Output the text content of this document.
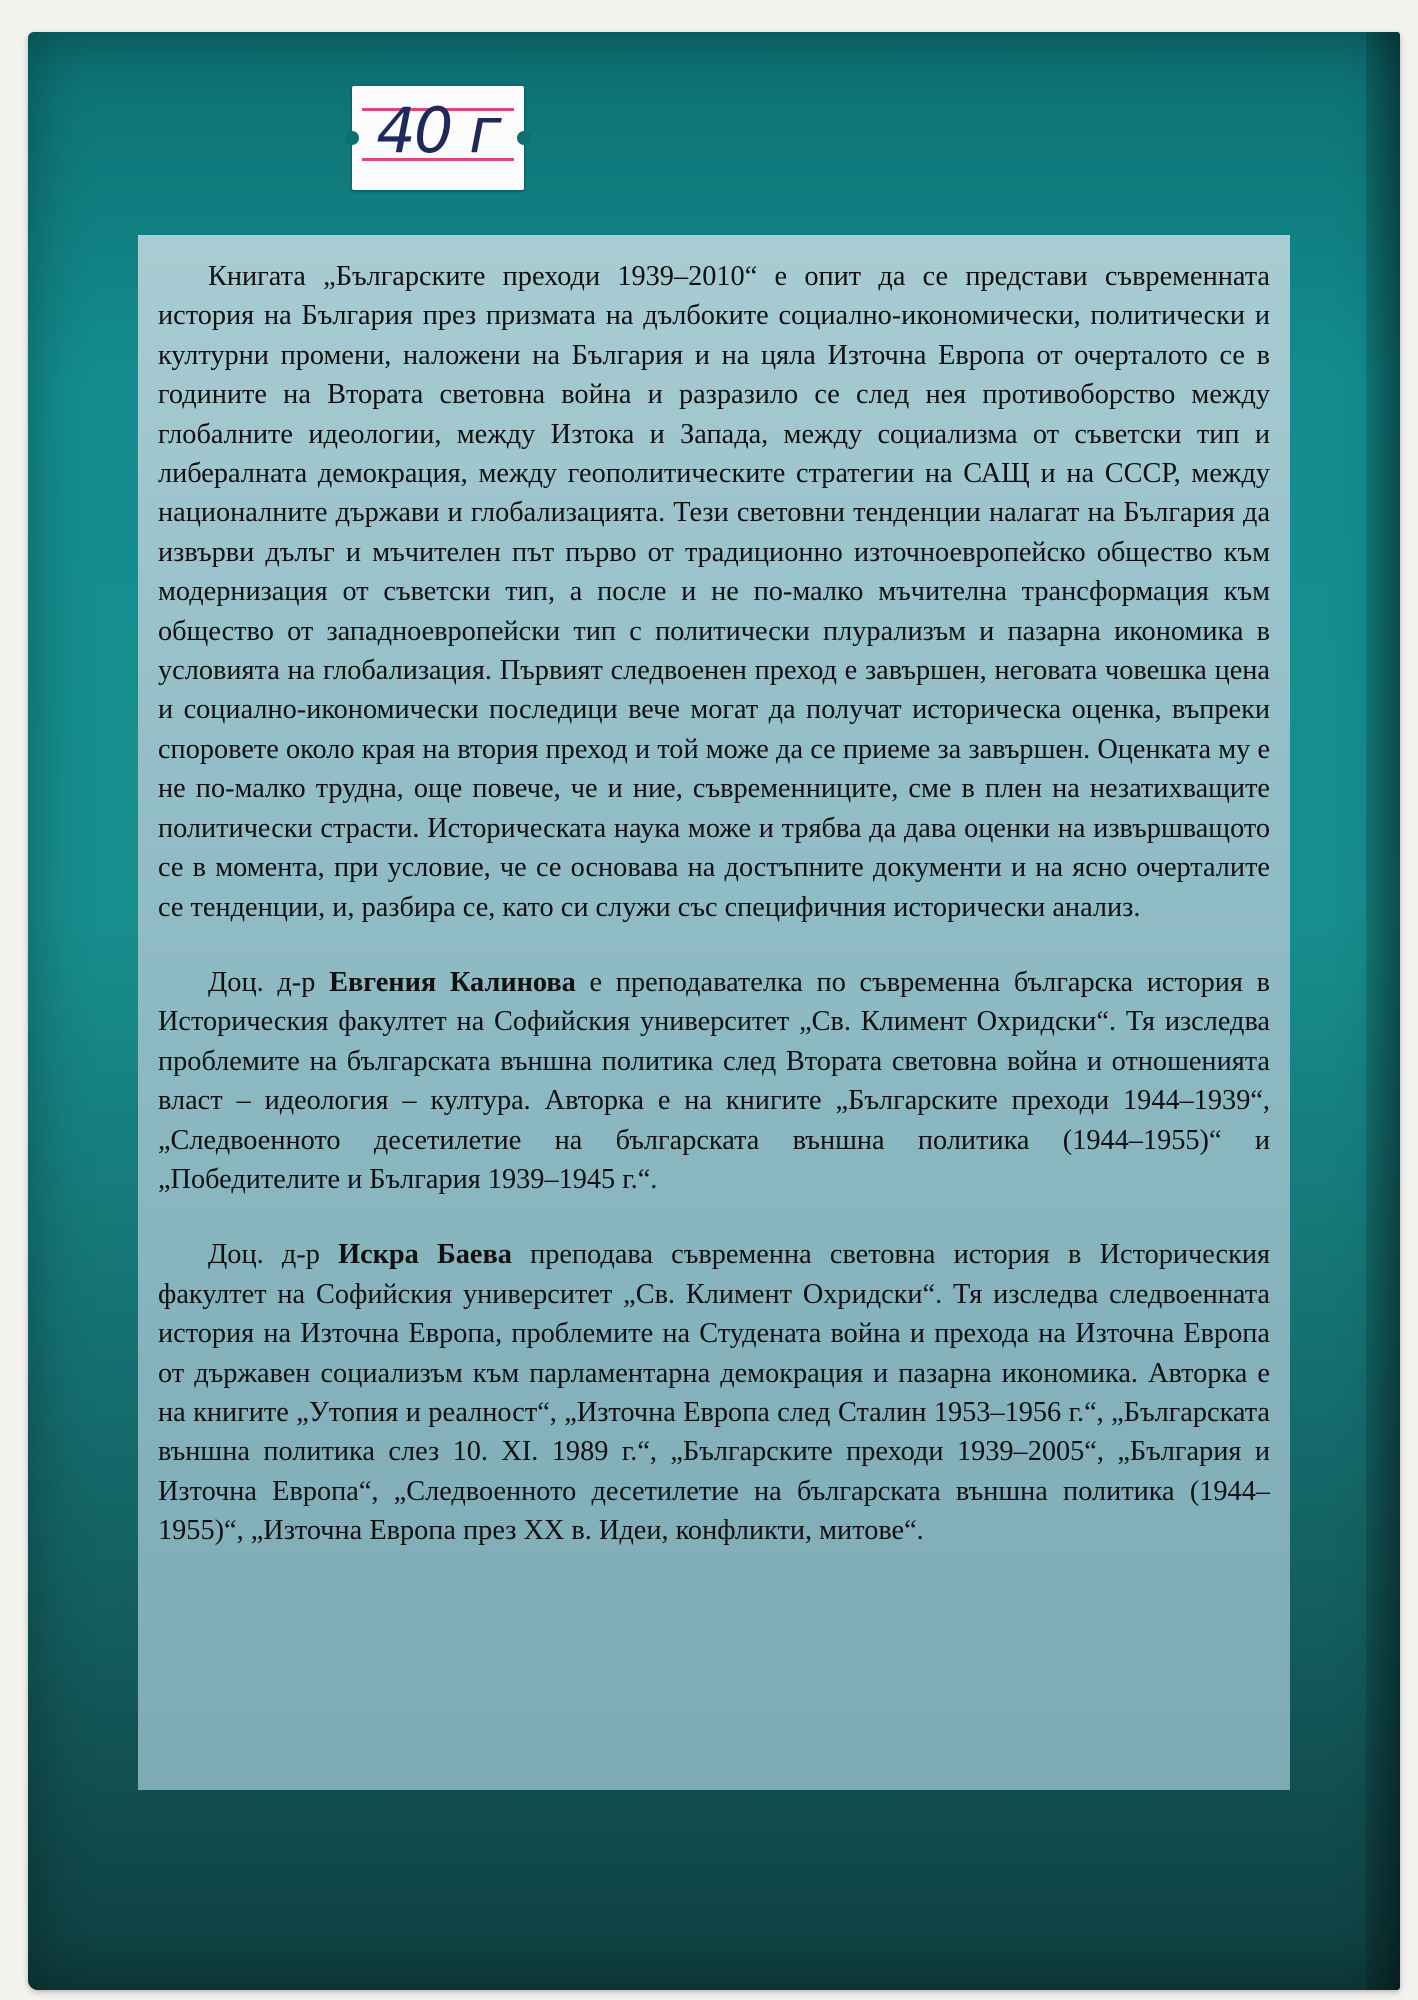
40 г

Книгата „Българските преходи 1939–2010“ е опит да се представи съвременната история на България през призмата на дълбоките социално-икономически, политически и културни промени, наложени на България и на цяла Източна Европа от очерталото се в годините на Втората световна война и разразило се след нея противоборство между глобалните идеологии, между Изтока и Запада, между социализма от съветски тип и либералната демокрация, между геополитическите стратегии на САЩ и на СССР, между националните държави и глобализацията. Тези световни тенденции налагат на България да извърви дълъг и мъчителен път първо от традиционно източноевропейско общество към модернизация от съветски тип, а после и не по-малко мъчителна трансформация към общество от западноевропейски тип с политически плурализъм и пазарна икономика в условията на глобализация. Първият следвоенен преход е завършен, неговата човешка цена и социално-икономически последици вече могат да получат историческа оценка, въпреки споровете около края на втория преход и той може да се приеме за завършен. Оценката му е не по-малко трудна, още повече, че и ние, съвременниците, сме в плен на незатихващите политически страсти. Историческата наука може и трябва да дава оценки на извършващото се в момента, при условие, че се основава на достъпните документи и на ясно очерталите се тенденции, и, разбира се, като си служи със специфичния исторически анализ.

Доц. д-р Евгения Калинова е преподавателка по съвременна българска история в Историческия факултет на Софийския университет „Св. Климент Охридски“. Тя изследва проблемите на българската външна политика след Втората световна война и отношенията власт – идеология – култура. Авторка е на книгите „Българските преходи 1944–1939“, „Следвоенното десетилетие на българската външна политика (1944–1955)“ и „Победителите и България 1939–1945 г.“.

Доц. д-р Искра Баева преподава съвременна световна история в Историческия факултет на Софийския университет „Св. Климент Охридски“. Тя изследва следвоенната история на Източна Европа, проблемите на Студената война и прехода на Източна Европа от държавен социализъм към парламентарна демокрация и пазарна икономика. Авторка е на книгите „Утопия и реалност“, „Източна Европа след Сталин 1953–1956 г.“, „Българската външна политика слез 10. XI. 1989 г.“, „Българските преходи 1939–2005“, „България и Източна Европа“, „Следвоенното десетилетие на българската външна политика (1944–1955)“, „Източна Европа през XX в. Идеи, конфликти, митове“.
